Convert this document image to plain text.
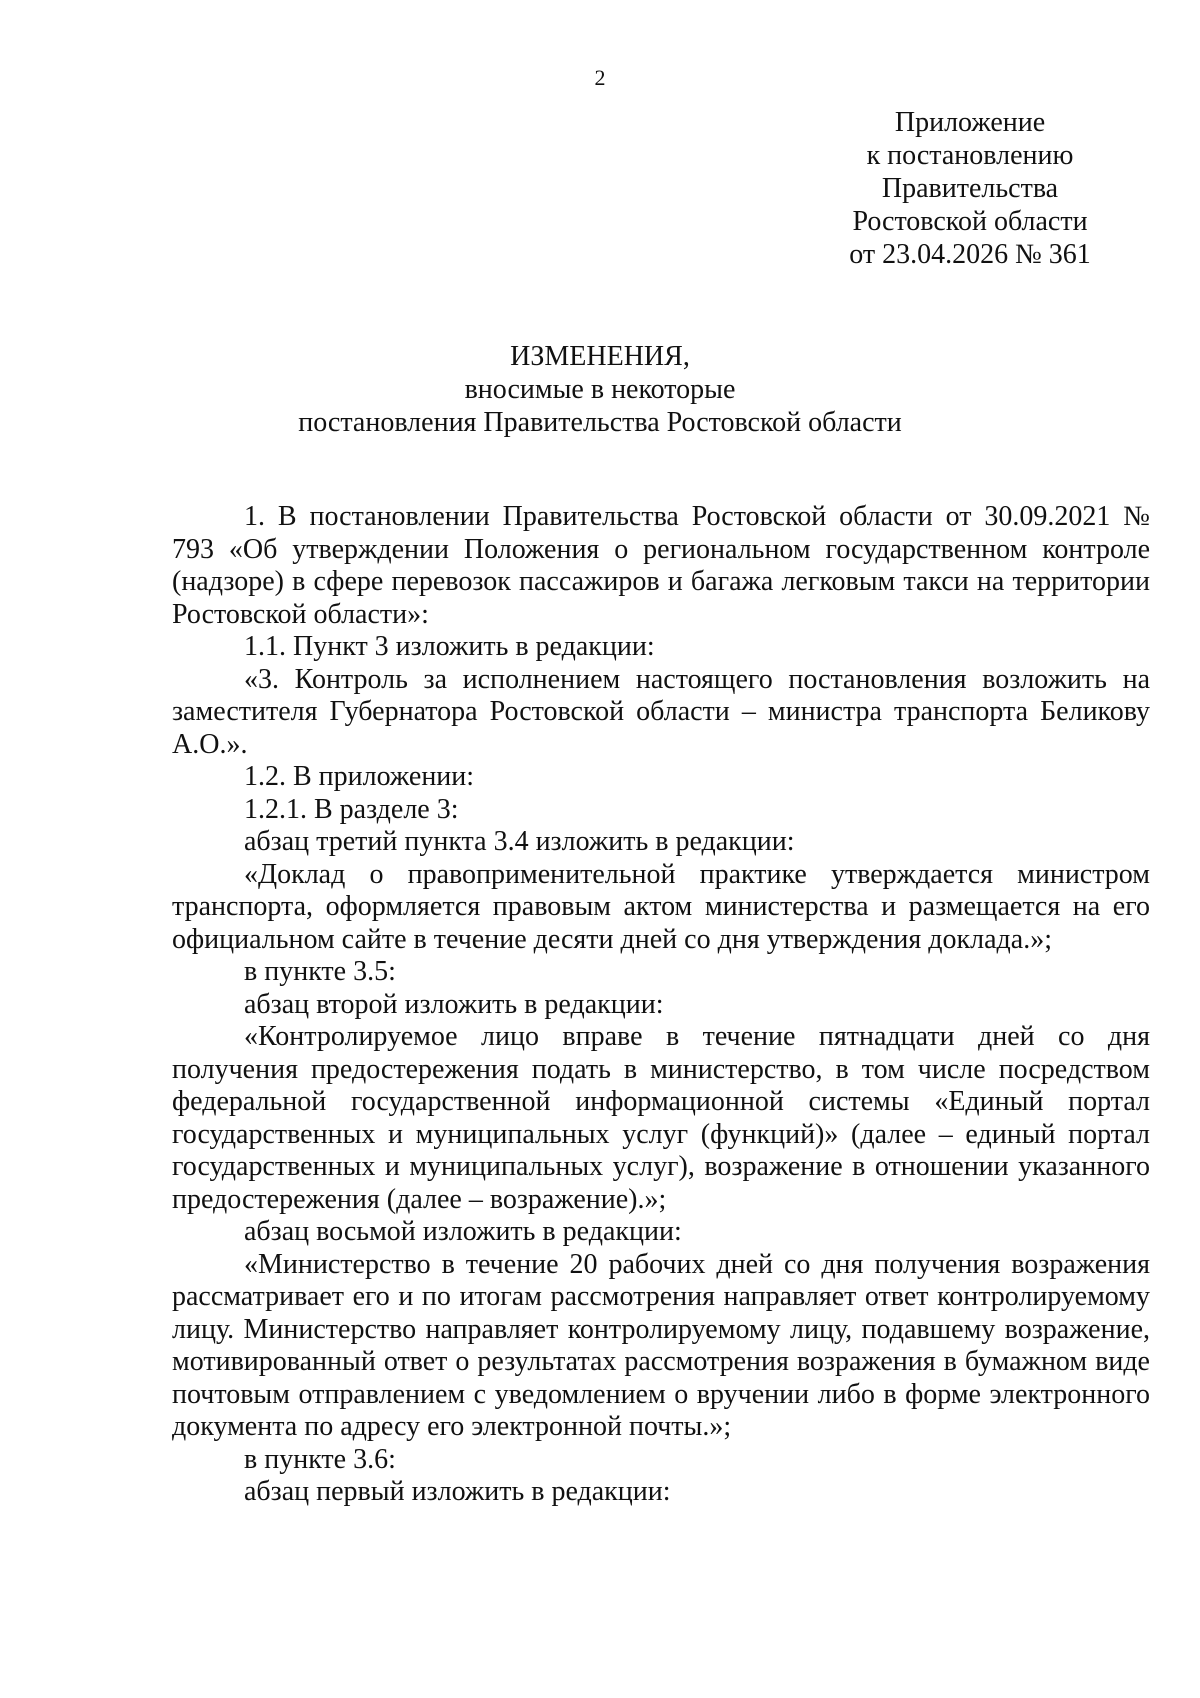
2
Приложение
к постановлению
Правительства
Ростовской области
от 23.04.2026 № 361
ИЗМЕНЕНИЯ,
вносимые в некоторые
постановления Правительства Ростовской области

1. В постановлении Правительства Ростовской области от 30.09.2021 № 793 «Об утверждении Положения о региональном государственном контроле (надзоре) в сфере перевозок пассажиров и багажа легковым такси на территории Ростовской области»:

1.1. Пункт 3 изложить в редакции:

«3. Контроль за исполнением настоящего постановления возложить на заместителя Губернатора Ростовской области – министра транспорта Беликову А.О.».

1.2. В приложении:

1.2.1. В разделе 3:

абзац третий пункта 3.4 изложить в редакции:

«Доклад о правоприменительной практике утверждается министром транспорта, оформляется правовым актом министерства и размещается на его официальном сайте в течение десяти дней со дня утверждения доклада.»;

в пункте 3.5:

абзац второй изложить в редакции:

«Контролируемое лицо вправе в течение пятнадцати дней со дня получения предостережения подать в министерство, в том числе посредством федеральной государственной информационной системы «Единый портал государственных и муниципальных услуг (функций)» (далее – единый портал государственных и муниципальных услуг), возражение в отношении указанного предостережения (далее – возражение).»;

абзац восьмой изложить в редакции:

«Министерство в течение 20 рабочих дней со дня получения возражения рассматривает его и по итогам рассмотрения направляет ответ контролируемому лицу. Министерство направляет контролируемому лицу, подавшему возражение, мотивированный ответ о результатах рассмотрения возражения в бумажном виде почтовым отправлением с уведомлением о вручении либо в форме электронного документа по адресу его электронной почты.»;

в пункте 3.6:

абзац первый изложить в редакции:
